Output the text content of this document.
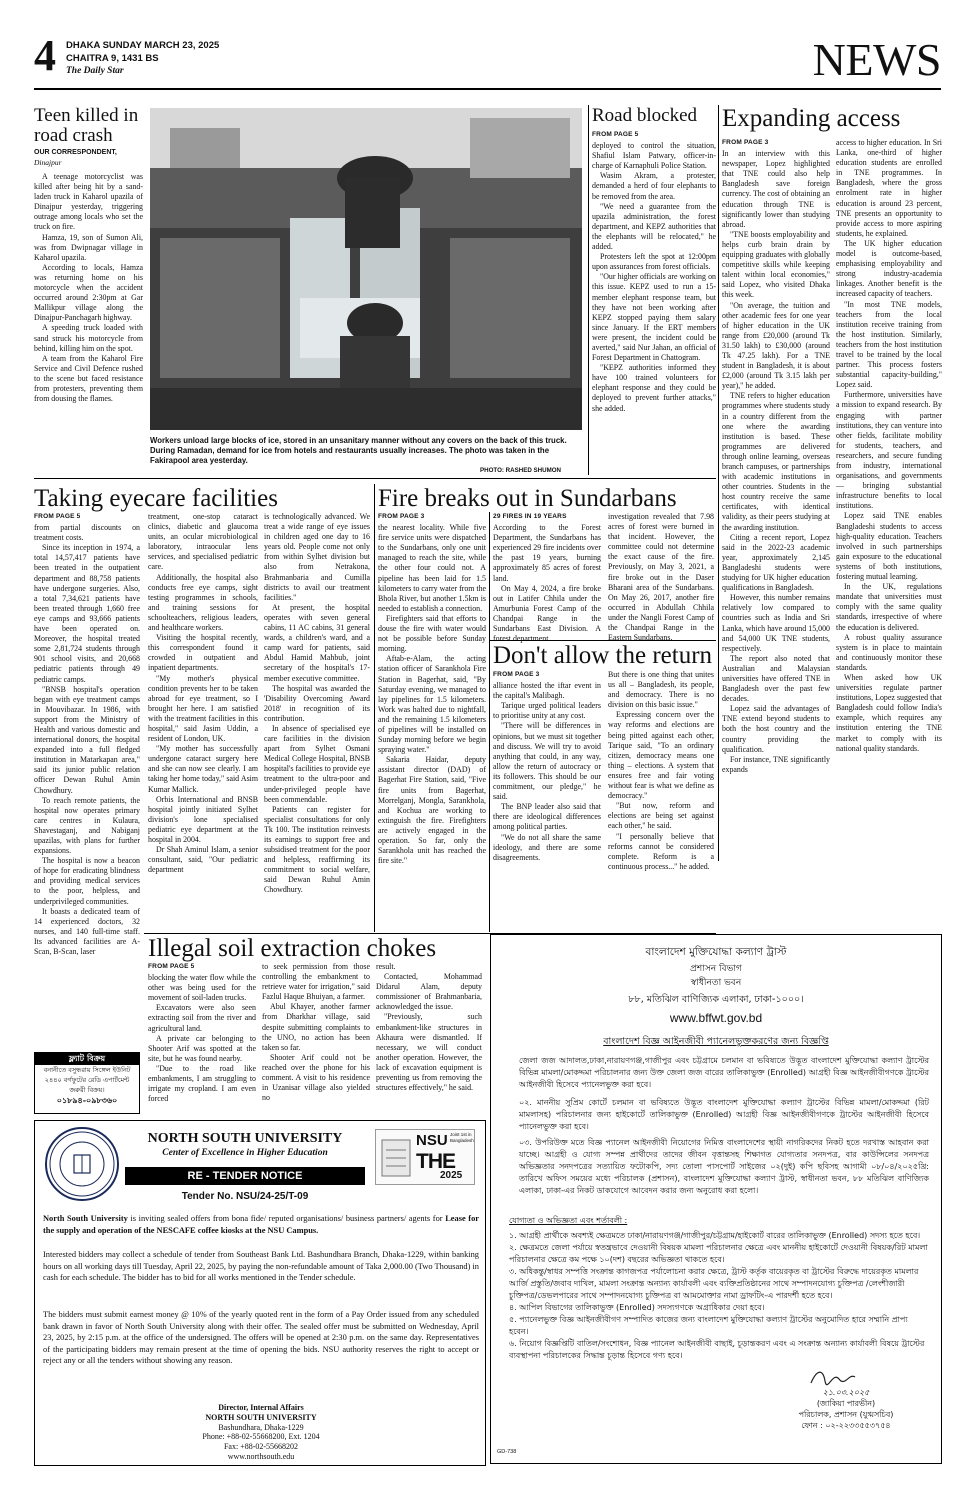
4 DHAKA SUNDAY MARCH 23, 2025
CHAITRA 9, 1431 BS
The Daily Star	NEWS
Teen killed in road crash
OUR CORRESPONDENT,
Dinajpur

A teenage motorcyclist was killed after being hit by a sand-laden truck in Kaharol upazila of Dinajpur yesterday, triggering outrage among locals who set the truck on fire.

Hamza, 19, son of Sumon Ali, was from Dwipnagar village in Kaharol upazila.

According to locals, Hamza was returning home on his motorcycle when the accident occurred around 2:30pm at Gar Mallikpur village along the Dinajpur-Panchagarh highway.

A speeding truck loaded with sand struck his motorcycle from behind, killing him on the spot.

A team from the Kaharol Fire Service and Civil Defence rushed to the scene but faced resistance from protesters, preventing them from dousing the flames.

Workers unload large blocks of ice, stored in an unsanitary manner without any covers on the back of this truck. During Ramadan, demand for ice from hotels and restaurants usually increases. The photo was taken in the Fakirapool area yesterday.
PHOTO: RASHED SHUMON
Road blocked
FROM PAGE 5

deployed to control the situation, Shafiul Islam Patwary, officer-in-charge of Karnaphuli Police Station.

Wasim Akram, a protester, demanded a herd of four elephants to be removed from the area.

"We need a guarantee from the upazila administration, the forest department, and KEPZ authorities that the elephants will be relocated," he added.

Protesters left the spot at 12:00pm upon assurances from forest officials.

"Our higher officials are working on this issue. KEPZ used to run a 15-member elephant response team, but they have not been working after KEPZ stopped paying them salary since January. If the ERT members were present, the incident could be averted," said Nur Jahan, an official of Forest Department in Chattogram.

"KEPZ authorities informed they have 100 trained volunteers for elephant response and they could be deployed to prevent further attacks," she added.

Expanding access
FROM PAGE 3

In an interview with this newspaper, Lopez highlighted that TNE could also help Bangladesh save foreign currency. The cost of obtaining an education through TNE is significantly lower than studying abroad.

"TNE boosts employability and helps curb brain drain by equipping graduates with globally competitive skills while keeping talent within local economies," said Lopez, who visited Dhaka this week.

"On average, the tuition and other academic fees for one year of higher education in the UK range from £20,000 (around Tk 31.50 lakh) to £30,000 (around Tk 47.25 lakh). For a TNE student in Bangladesh, it is about £2,000 (around Tk 3.15 lakh per year)," he added.

TNE refers to higher education programmes where students study in a country different from the one where the awarding institution is based. These programmes are delivered through online learning, overseas branch campuses, or partnerships with academic institutions in other countries. Students in the host country receive the same certificates, with identical validity, as their peers studying at the awarding institution.

Citing a recent report, Lopez said in the 2022-23 academic year, approximately 2,145 Bangladeshi students were studying for UK higher education qualifications in Bangladesh.

However, this number remains relatively low compared to countries such as India and Sri Lanka, which have around 15,000 and 54,000 UK TNE students, respectively.

The report also noted that Australian and Malaysian universities have offered TNE in Bangladesh over the past few decades.

Lopez said the advantages of TNE extend beyond students to both the host country and the country providing the qualification.

For instance, TNE significantly expands

access to higher education. In Sri Lanka, one-third of higher education students are enrolled in TNE programmes. In Bangladesh, where the gross enrolment rate in higher education is around 23 percent, TNE presents an opportunity to provide access to more aspiring students, he explained.

The UK higher education model is outcome-based, emphasising employability and strong industry-academia linkages. Another benefit is the increased capacity of teachers.

"In most TNE models, teachers from the local institution receive training from the host institution. Similarly, teachers from the host institution travel to be trained by the local partner. This process fosters substantial capacity-building," Lopez said.

Furthermore, universities have a mission to expand research. By engaging with partner institutions, they can venture into other fields, facilitate mobility for students, teachers, and researchers, and secure funding from industry, international organisations, and governments — bringing substantial infrastructure benefits to local institutions.

Lopez said TNE enables Bangladeshi students to access high-quality education. Teachers involved in such partnerships gain exposure to the educational systems of both institutions, fostering mutual learning.

In the UK, regulations mandate that universities must comply with the same quality standards, irrespective of where the education is delivered.

A robust quality assurance system is in place to maintain and continuously monitor these standards.

When asked how UK universities regulate partner institutions, Lopez suggested that Bangladesh could follow India's example, which requires any institution entering the TNE market to comply with its national quality standards.

Taking eyecare facilities
FROM PAGE 5

from partial discounts on treatment costs.

Since its inception in 1974, a total 14,57,417 patients have been treated in the outpatient department and 88,758 patients have undergone surgeries. Also, a total 7,34,621 patients have been treated through 1,660 free eye camps and 93,666 patients have been operated on. Moreover, the hospital treated some 2,81,724 students through 901 school visits, and 20,668 pediatric patients through 49 pediatric camps.

"BNSB hospital's operation began with eye treatment camps in Mouvibazar. In 1986, with support from the Ministry of Health and various domestic and international donors, the hospital expanded into a full fledged institution in Matarkapan area," said its junior public relation officer Dewan Ruhul Amin Chowdhury.

To reach remote patients, the hospital now operates primary care centres in Kulaura, Shavestaganj, and Nabiganj upazilas, with plans for further expansions.

The hospital is now a beacon of hope for eradicating blindness and providing medical services to the poor, helpless, and underprivileged communities.

It boasts a dedicated team of 14 experienced doctors, 32 nurses, and 140 full-time staff. Its advanced facilities are A-Scan, B-Scan, laser

treatment, one-stop cataract clinics, diabetic and glaucoma units, an ocular microbiological laboratory, intraocular lens services, and specialised pediatric care.

Additionally, the hospital also conducts free eye camps, sight testing programmes in schools, and training sessions for schoolteachers, religious leaders, and healthcare workers.

Visiting the hospital recently, this correspondent found it crowded in outpatient and inpatient departments.

"My mother's physical condition prevents her to be taken abroad for eye treatment, so I brought her here. I am satisfied with the treatment facilities in this hospital," said Jasim Uddin, a resident of London, UK.

"My mother has successfully undergone cataract surgery here and she can now see clearly. I am taking her home today," said Asim Kumar Mallick.

Orbis International and BNSB hospital jointly initiated Sylhet division's lone specialised pediatric eye department at the hospital in 2004.

Dr Shah Aminul Islam, a senior consultant, said, "Our pediatric department

is technologically advanced. We treat a wide range of eye issues in children aged one day to 16 years old. People come not only from within Sylhet division but also from Netrakona, Brahmanbaria and Cumilla districts to avail our treatment facilities."

At present, the hospital operates with seven general cabins, 11 AC cabins, 31 general wards, a children's ward, and a camp ward for patients, said Abdul Hamid Mahbub, joint secretary of the hospital's 17-member executive committee.

The hospital was awarded the 'Disability Overcoming Award 2018' in recognition of its contribution.

In absence of specialised eye care facilities in the division apart from Sylhet Osmani Medical College Hospital, BNSB hospital's facilities to provide eye treatment to the ultra-poor and under-privileged people have been commendable.

Patients can register for specialist consultations for only Tk 100. The institution reinvests its earnings to support free and subsidised treatment for the poor and helpless, reaffirming its commitment to social welfare, said Dewan Ruhul Amin Chowdhury.

Fire breaks out in Sundarbans
FROM PAGE 3

the nearest locality. While five fire service units were dispatched to the Sundarbans, only one unit managed to reach the site, while the other four could not. A pipeline has been laid for 1.5 kilometers to carry water from the Bhola River, but another 1.5km is needed to establish a connection.

Firefighters said that efforts to douse the fire with water would not be possible before Sunday morning.

Aftab-e-Alam, the acting station officer of Sarankhola Fire Station in Bagerhat, said, "By Saturday evening, we managed to lay pipelines for 1.5 kilometers. Work was halted due to nightfall, and the remaining 1.5 kilometers of pipelines will be installed on Sunday morning before we begin spraying water."

Sakaria Haidar, deputy assistant director (DAD) of Bagerhat Fire Station, said, "Five fire units from Bagerhat, Morrelganj, Mongla, Sarankhola, and Kochua are working to extinguish the fire. Firefighters are actively engaged in the operation. So far, only the Sarankhola unit has reached the fire site."

29 FIRES IN 19 YEARS

According to the Forest Department, the Sundarbans has experienced 29 fire incidents over the past 19 years, burning approximately 85 acres of forest land.

On May 4, 2024, a fire broke out in Latifer Chhila under the Amurbunia Forest Camp of the Chandpai Range in the Sundarbans East Division. A forest department

investigation revealed that 7.98 acres of forest were burned in that incident. However, the committee could not determine the exact cause of the fire. Previously, on May 3, 2021, a fire broke out in the Daser Bharani area of the Sundarbans. On May 26, 2017, another fire occurred in Abdullah Chhila under the Nangli Forest Camp of the Chandpai Range in the Eastern Sundarbans.

Don't allow the return
FROM PAGE 3

alliance hosted the iftar event in the capital's Malibagh.

Tarique urged political leaders to prioritise unity at any cost.

"There will be differences in opinions, but we must sit together and discuss. We will try to avoid anything that could, in any way, allow the return of autocracy or its followers. This should be our commitment, our pledge," he said.

The BNP leader also said that there are ideological differences among political parties.

"We do not all share the same ideology, and there are some disagreements.

But there is one thing that unites us all – Bangladesh, its people, and democracy. There is no division on this basic issue."

Expressing concern over the way reforms and elections are being pitted against each other, Tarique said, "To an ordinary citizen, democracy means one thing – elections. A system that ensures free and fair voting without fear is what we define as democracy."

"But now, reform and elections are being set against each other," he said.

"I personally believe that reforms cannot be considered complete. Reform is a continuous process..." he added.

Illegal soil extraction chokes
FROM PAGE 5

blocking the water flow while the other was being used for the movement of soil-laden trucks.

Excavators were also seen extracting soil from the river and agricultural land.

A private car belonging to Shooter Arif was spotted at the site, but he was found nearby.

"Due to the road like embankments, I am struggling to irrigate my cropland. I am even forced

to seek permission from those controlling the embankment to retrieve water for irrigation," said Fazlul Haque Bhuiyan, a farmer.

Abul Khayer, another farmer from Dharkhar village, said despite submitting complaints to the UNO, no action has been taken so far.

Shooter Arif could not be reached over the phone for his comment. A visit to his residence in Uzanisar village also yielded no

result.

Contacted, Mohammad Didarul Alam, deputy commissioner of Brahmanbaria, acknowledged the issue.

"Previously, such embankment-like structures in Akhaura were dismantled. If necessary, we will conduct another operation. However, the lack of excavation equipment is preventing us from removing the structures effectively," he said.

ফ্ল্যাট বিক্রয়
বনানীতে বসুন্ধরায় সিঙ্গেল ইউনিট
২৪৪০ বর্গফুটের রেডি এপার্টমেন্ট
জরুরী বিক্রয়।
০১৮৯৪-০৯৮৩৬০
NORTH SOUTH UNIVERSITY
Center of Excellence in Higher Education
RE - TENDER NOTICE
Tender No. NSU/24-25/T-09
NSU Joint 1st in Bangladesh
THE
2025
North South University is inviting sealed offers from bona fide/ reputed organisations/ business partners/ agents for Lease for the supply and operation of the NESCAFE coffee kiosks at the NSU Campus.
Interested bidders may collect a schedule of tender from Southeast Bank Ltd. Bashundhara Branch, Dhaka-1229, within banking hours on all working days till Tuesday, April 22, 2025, by paying the non-refundable amount of Taka 2,000.00 (Two Thousand) in cash for each schedule. The bidder has to bid for all works mentioned in the Tender schedule.
The bidders must submit earnest money @ 10% of the yearly quoted rent in the form of a Pay Order issued from any scheduled bank drawn in favor of North South University along with their offer. The sealed offer must be submitted on Wednesday, April 23, 2025, by 2:15 p.m. at the office of the undersigned. The offers will be opened at 2:30 p.m. on the same day. Representatives of the participating bidders may remain present at the time of opening the bids. NSU authority reserves the right to accept or reject any or all the tenders without showing any reason.
Director, Internal Affairs
NORTH SOUTH UNIVERSITY
Bashundhara, Dhaka-1229
Phone: +88-02-55668200, Ext. 1204
Fax: +88-02-55668202
www.northsouth.edu
বাংলাদেশ মুক্তিযোদ্ধা কল্যাণ ট্রাস্ট
প্রশাসন বিভাগ
স্বাধীনতা ভবন
৮৮, মতিঝিল বাণিজ্যিক এলাকা, ঢাকা-১০০০।
www.bffwt.gov.bd
বাংলাদেশ বিজ্ঞ আইনজীবী প্যানেলভুক্তকরণের জন্য বিজ্ঞপ্তি
জেলা জজ আদালত,ঢাকা,নারায়ণগঞ্জ,গাজীপুর এবং চট্টগ্রামে চলমান বা ভবিষ্যতে উদ্ভূত বাংলাদেশ মুক্তিযোদ্ধা কল্যাণ ট্রাস্টের বিভিন্ন মামলা/মোকদ্দমা পরিচালনার জন্য উক্ত জেলা জজ বারের তালিকাভুক্ত (Enrolled) আগ্রহী বিজ্ঞ আইনজীবীগণকে ট্রাস্টের আইনজীবী হিসেবে প্যানেলভুক্ত করা হবে।
০২. মাননীয় সুপ্রিম কোর্টে চলমান বা ভবিষ্যতে উদ্ভূত বাংলাদেশ মুক্তিযোদ্ধা কল্যাণ ট্রাস্টের বিভিন্ন মামলা/মোকদ্দমা (রিট মামলাসহ) পরিচালনার জন্য হাইকোর্টে তালিকাভুক্ত (Enrolled) আগ্রহী বিজ্ঞ আইনজীবীগণকে ট্রাস্টের আইনজীবী হিসেবে প্যানেলভুক্ত করা হবে।
০৩. উপরিউক্ত মতে বিজ্ঞ প্যানেল আইনজীবী নিয়োগের নিমিত্ত বাংলাদেশের স্থায়ী নাগরিকদের নিকট হতে দরখাস্ত আহবান করা যাচ্ছে। আগ্রহী ও যোগ্য সম্পন্ন প্রার্থীদের তাদের জীবন বৃত্তান্তসহ শিক্ষাগত যোগ্যতার সনদপত্র, বার কাউন্সিলের সনদপত্র অভিজ্ঞতার সনদপত্রের সত্যায়িত ফটোকপি, সদ্য তোলা পাসপোর্ট সাইজের ০২(দুই) কপি ছবিসহ আগামী ০৮/০৪/২০২৫খ্রি: তারিখে অফিস সময়ের মধ্যে পরিচালক (প্রশাসন), বাংলাদেশ মুক্তিযোদ্ধা কল্যাণ ট্রাস্ট, স্বাধীনতা ভবন, ৮৮ মতিঝিল বাণিজ্যিক এলাকা, ঢাকা-এর নিকট ডাকযোগে আবেদন করার জন্য অনুরোধ করা হলো।
যোগ্যতা ও অভিজ্ঞতা এবং শর্তাবলী :
১. আগ্রহী প্রার্থীকে অবশ্যই ক্ষেত্রমতে ঢাকা/নারায়ণগঞ্জ/গাজীপুর/চট্টগ্রাম/হাইকোর্ট বারের তালিকাভুক্ত (Enrolled) সদস্য হতে হবে।
২. ক্ষেত্রমতে জেলা পর্যায়ে স্বতন্ত্রভাবে দেওয়ানী বিষয়ক মামলা পরিচালনার ক্ষেত্রে এবং মাননীয় হাইকোর্টে দেওয়ানী বিষয়ক/রিট মামলা পরিচালনার ক্ষেত্রে কম পক্ষে ১০(দশ) বছরের অভিজ্ঞতা থাকতে হবে।
৩. অধিকন্তু/স্বাধর সম্পত্তি সংক্রান্ত কাগজপত্র পর্যালোচনা করার ক্ষেত্রে, ট্রাস্ট কর্তৃক বায়েরকৃত বা ট্রাস্টের বিরুদ্ধে দায়েরকৃত মামলার আর্জি প্রস্তুতি/জবাব দাখিল, মামলা সংক্রান্ত অন্যান্য কার্যাবলী এবং ব্যক্তিপ্রতিষ্ঠানের সাথে সম্পাদনযোগ্য চুক্তিপত্র /লেংশীজারী চুক্তিপত্র/ডেভলপারের সাথে সম্পাদনযোগ্য চুক্তিপত্র বা আমমোক্তার নামা ড্রাফটিং-এ পারদর্শী হতে হবে।
৪. আপিল বিভাগের তালিকাভুক্ত (Enrolled) সদস্যগণকে অগ্রাধিকার দেয়া হবে।
৫. প্যানেলভুক্ত বিজ্ঞ আইনজীবীগণ সম্পাদিত কাজের জন্য বাংলাদেশ মুক্তিযোদ্ধা কল্যাণ ট্রাস্টের অনুমোদিত হারে সম্মানি প্রাপ্য হবেন।
৬. নিয়োগ বিজ্ঞপ্তিটি বাতিল/সংশোধন, বিজ্ঞ প্যানেল আইনজীবী বাছাই, চূড়ান্তকরণ এবং এ সংক্রান্ত অন্যান্য কার্যাবলী বিষয়ে ট্রাস্টের ব্যবস্থাপনা পরিচালকের সিদ্ধান্ত চূড়ান্ত হিসেবে গণ্য হবে।
২১.০৩.২০২৫
(জাকিয়া পারভীন)
পরিচালক, প্রশাসন (যুগ্মসচিব)
ফোন : ০২-২২৩৩৫৫৩৭৫৪
GD-738
